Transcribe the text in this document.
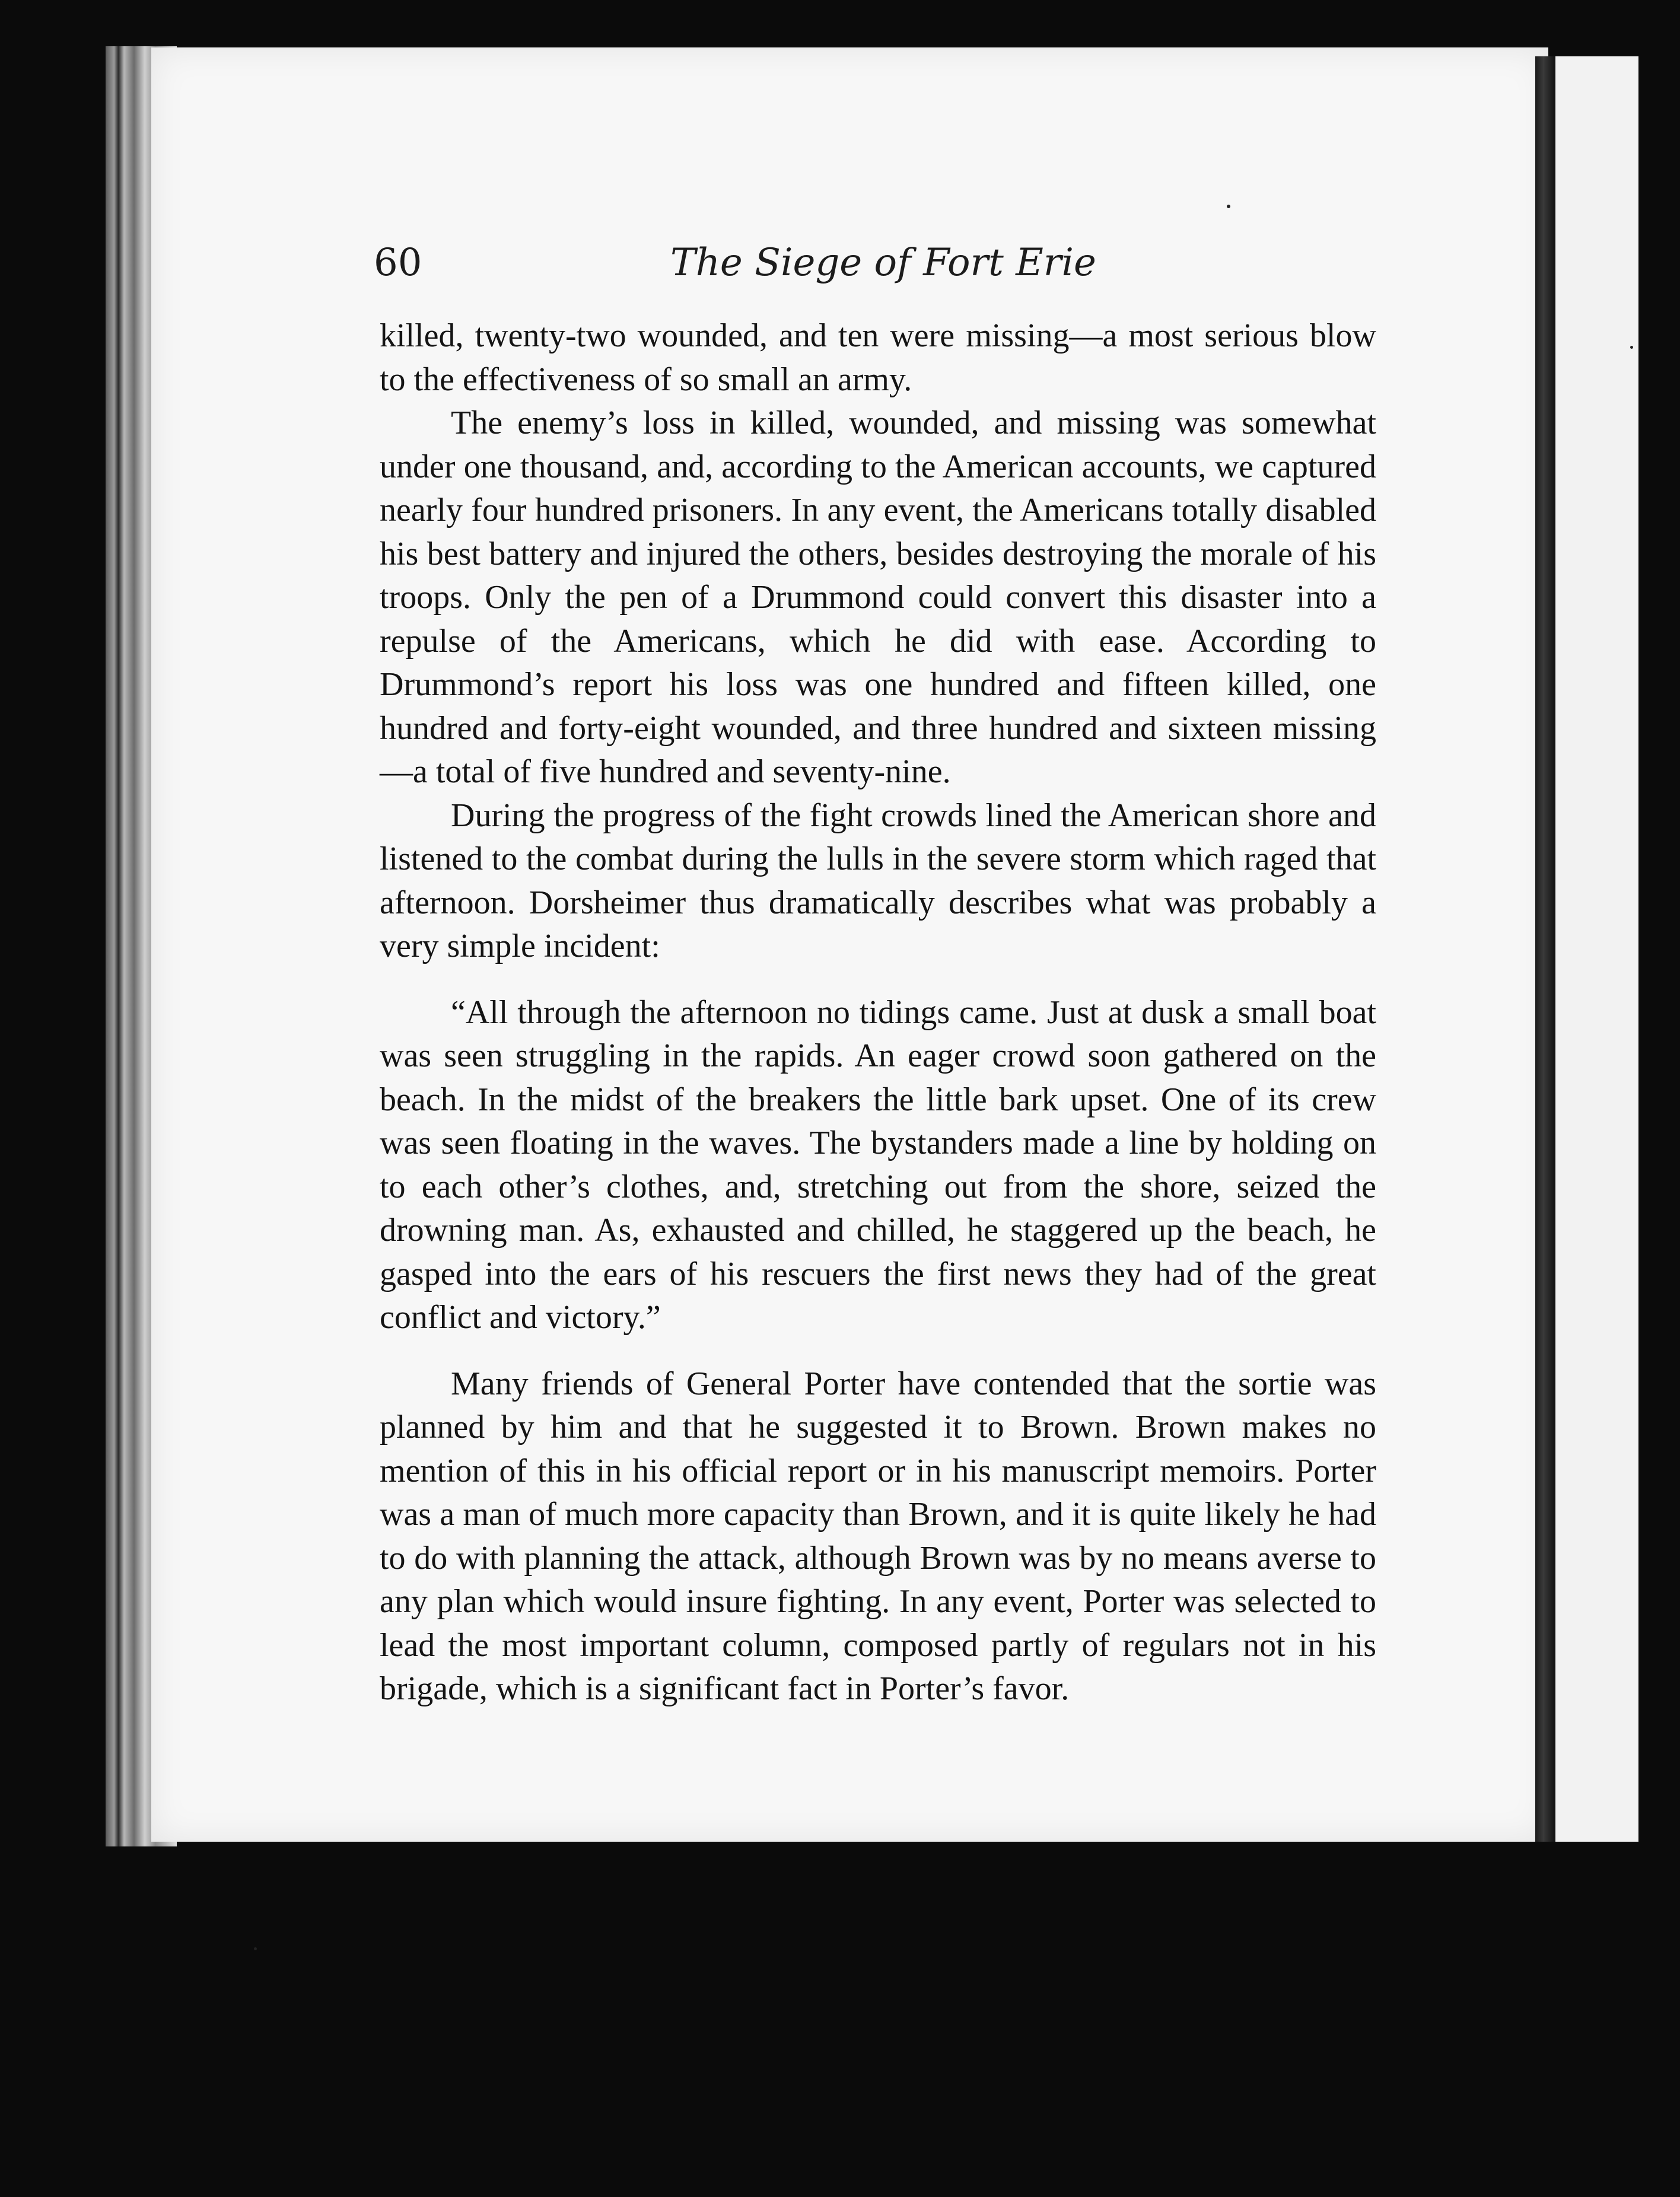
60	The Siege of Fort Erie

killed, twenty-two wounded, and ten were missing—a most serious blow to the effectiveness of so small an army.

The enemy’s loss in killed, wounded, and missing was somewhat under one thousand, and, according to the American accounts, we captured nearly four hundred prisoners. In any event, the Americans totally disabled his best battery and injured the others, besides destroying the morale of his troops. Only the pen of a Drummond could convert this disaster into a repulse of the Americans, which he did with ease. According to Drummond’s report his loss was one hundred and fifteen killed, one hundred and forty-eight wounded, and three hundred and sixteen missing —a total of five hundred and seventy-nine.

During the progress of the fight crowds lined the American shore and listened to the combat during the lulls in the severe storm which raged that afternoon. Dorsheimer thus dramatically describes what was probably a very simple incident:

“All through the afternoon no tidings came. Just at dusk a small boat was seen struggling in the rapids. An eager crowd soon gathered on the beach. In the midst of the breakers the little bark upset. One of its crew was seen floating in the waves. The bystanders made a line by holding on to each other’s clothes, and, stretching out from the shore, seized the drowning man. As, exhausted and chilled, he staggered up the beach, he gasped into the ears of his rescuers the first news they had of the great conflict and victory.”

Many friends of General Porter have contended that the sortie was planned by him and that he suggested it to Brown. Brown makes no mention of this in his official report or in his manuscript memoirs. Porter was a man of much more capacity than Brown, and it is quite likely he had to do with planning the attack, although Brown was by no means averse to any plan which would insure fighting. In any event, Porter was selected to lead the most important column, composed partly of regulars not in his brigade, which is a significant fact in Porter’s favor.
